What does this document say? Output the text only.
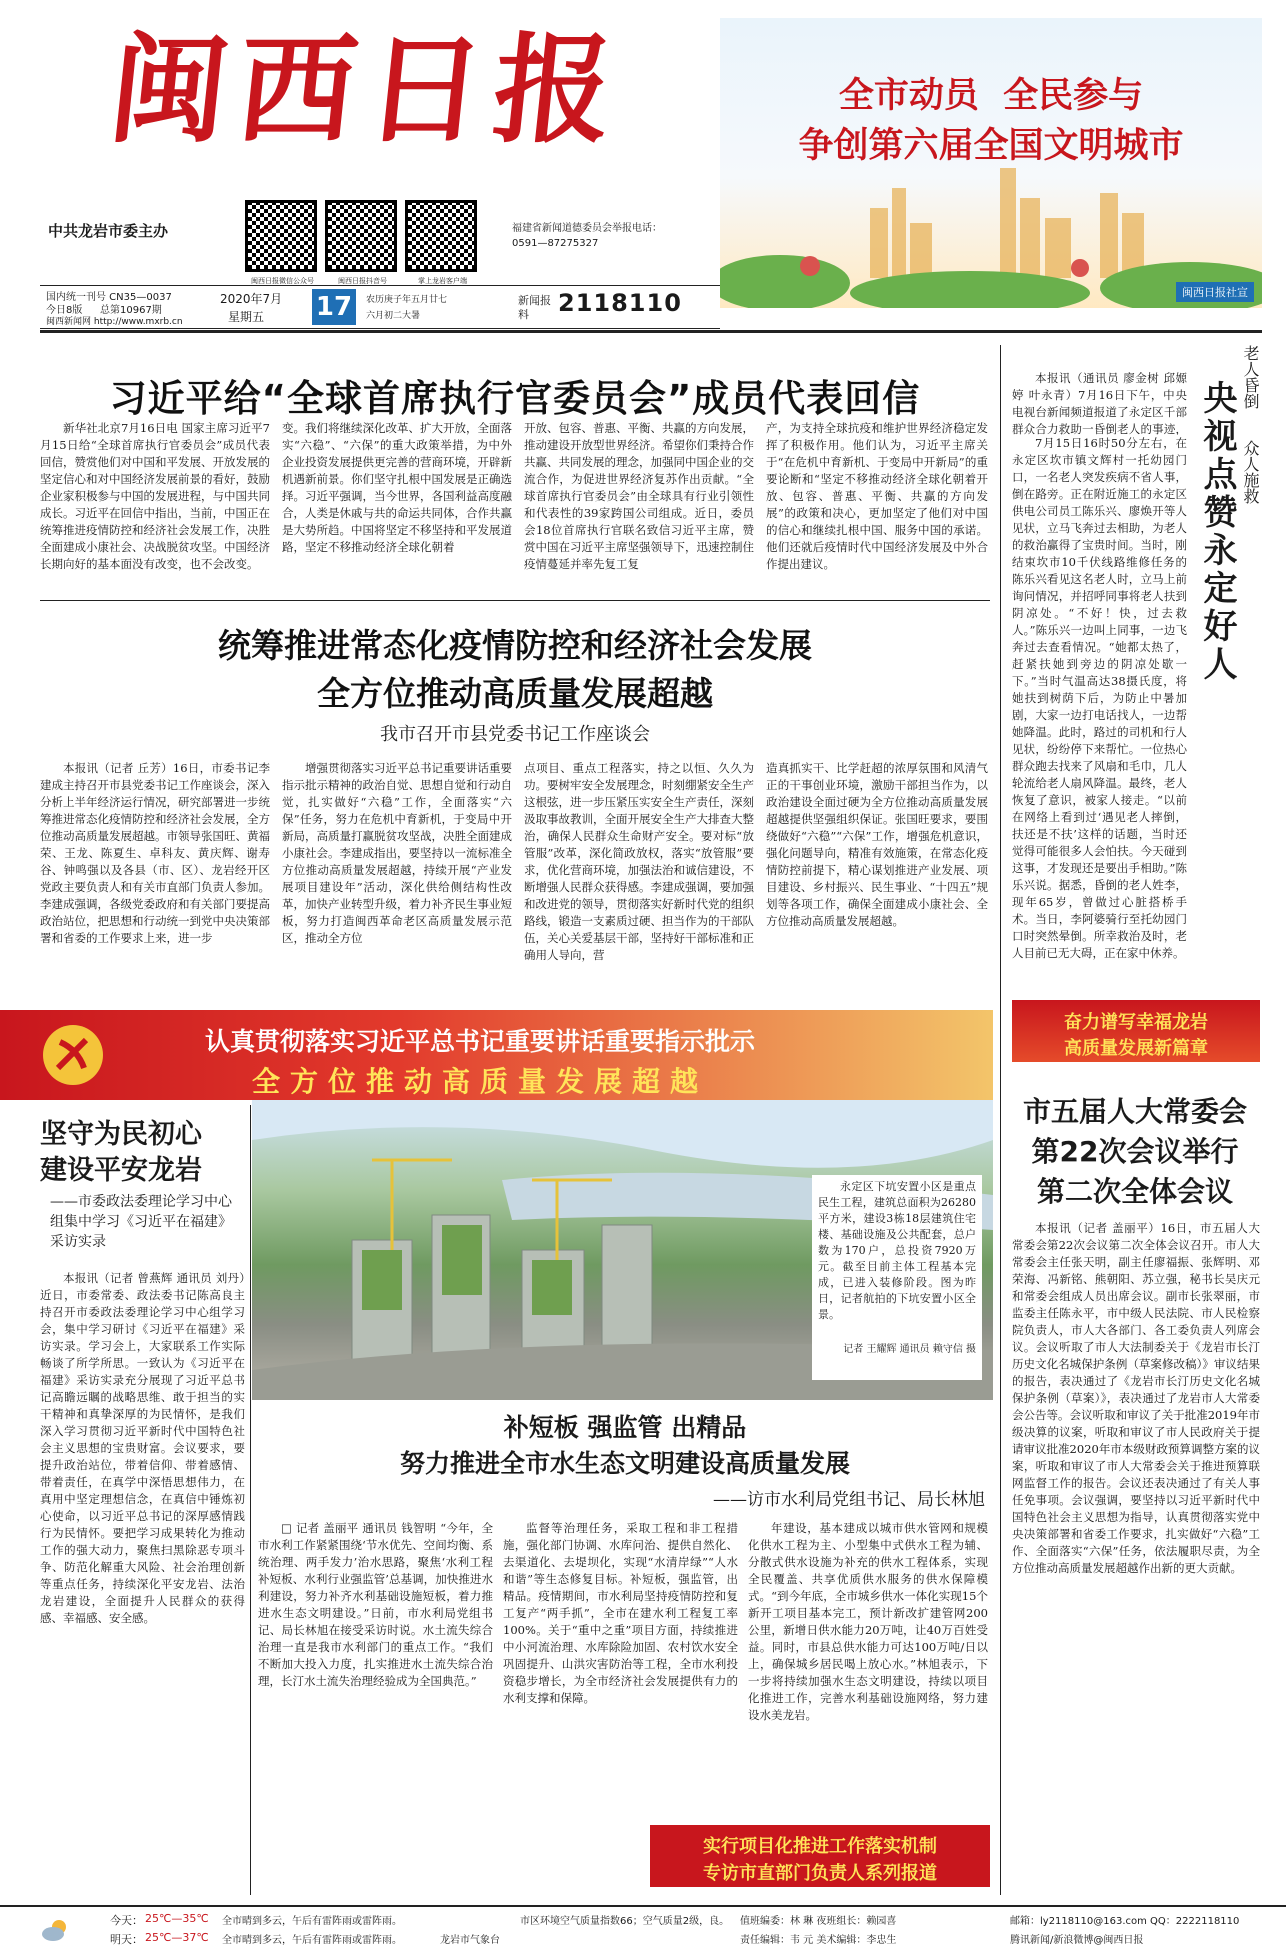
闽西日报
中共龙岩市委主办
闽西日报微信公众号	闽西日报抖音号	掌上龙岩客户端
福建省新闻道德委员会举报电话：
0591—87275327
国内统一刊号 CN35—0037
今日8版 总第10967期
闽西新闻网 http://www.mxrb.cn
2020年7月
星期五 17	农历庚子年五月廿七
六月初二大暑
新闻报料	2118110
全市动员  全民参与
争创第六届全国文明城市
闽西日报社宣
习近平给“全球首席执行官委员会”成员代表回信

新华社北京7月16日电 国家主席习近平7月15日给“全球首席执行官委员会”成员代表回信，赞赏他们对中国和平发展、开放发展的坚定信心和对中国经济发展前景的看好，鼓励企业家积极参与中国的发展进程，与中国共同成长。习近平在回信中指出，当前，中国正在统筹推进疫情防控和经济社会发展工作，决胜全面建成小康社会、决战脱贫攻坚。中国经济长期向好的基本面没有改变，也不会改变。

变。我们将继续深化改革、扩大开放，全面落实“六稳”、“六保”的重大政策举措，为中外企业投资发展提供更完善的营商环境，开辟新机遇新前景。你们坚守扎根中国发展是正确选择。习近平强调，当今世界，各国利益高度融合，人类是休戚与共的命运共同体，合作共赢是大势所趋。中国将坚定不移坚持和平发展道路，坚定不移推动经济全球化朝着

开放、包容、普惠、平衡、共赢的方向发展，推动建设开放型世界经济。希望你们秉持合作共赢、共同发展的理念，加强同中国企业的交流合作，为促进世界经济复苏作出贡献。“全球首席执行官委员会”由全球具有行业引领性和代表性的39家跨国公司组成。近日，委员会18位首席执行官联名致信习近平主席，赞赏中国在习近平主席坚强领导下，迅速控制住疫情蔓延并率先复工复

产，为支持全球抗疫和维护世界经济稳定发挥了积极作用。他们认为，习近平主席关于“在危机中育新机、于变局中开新局”的重要论断和“坚定不移推动经济全球化朝着开放、包容、普惠、平衡、共赢的方向发展”的政策和决心，更加坚定了他们对中国的信心和继续扎根中国、服务中国的承诺。他们还就后疫情时代中国经济发展及中外合作提出建议。

统筹推进常态化疫情防控和经济社会发展
全方位推动高质量发展超越
我市召开市县党委书记工作座谈会

本报讯（记者 丘芳）16日，市委书记李建成主持召开市县党委书记工作座谈会，深入分析上半年经济运行情况，研究部署进一步统筹推进常态化疫情防控和经济社会发展，全方位推动高质量发展超越。市领导张国旺、黄福荣、王龙、陈夏生、卓科友、黄庆辉、谢寿谷、钟鸣强以及各县（市、区）、龙岩经开区党政主要负责人和有关市直部门负责人参加。李建成强调，各级党委政府和有关部门要提高政治站位，把思想和行动统一到党中央决策部署和省委的工作要求上来，进一步

增强贯彻落实习近平总书记重要讲话重要指示批示精神的政治自觉、思想自觉和行动自觉，扎实做好“六稳”工作，全面落实“六保”任务，努力在危机中育新机，于变局中开新局，高质量打赢脱贫攻坚战，决胜全面建成小康社会。李建成指出，要坚持以一流标准全方位推动高质量发展超越，持续开展“产业发展项目建设年”活动，深化供给侧结构性改革，加快产业转型升级，着力补齐民生事业短板，努力打造闽西革命老区高质量发展示范区，推动全方位

点项目、重点工程落实，持之以恒、久久为功。要树牢安全发展理念，时刻绷紧安全生产这根弦，进一步压紧压实安全生产责任，深刻汲取事故教训，全面开展安全生产大排查大整治，确保人民群众生命财产安全。要对标“放管服”改革，深化简政放权，落实“放管服”要求，优化营商环境，加强法治和诚信建设，不断增强人民群众获得感。李建成强调，要加强和改进党的领导，贯彻落实好新时代党的组织路线，锻造一支素质过硬、担当作为的干部队伍，关心关爱基层干部，坚持好干部标准和正确用人导向，营

造真抓实干、比学赶超的浓厚氛围和风清气正的干事创业环境，激励干部担当作为，以政治建设全面过硬为全方位推动高质量发展超越提供坚强组织保证。张国旺要求，要围绕做好“六稳”“六保”工作，增强危机意识，强化问题导向，精准有效施策，在常态化疫情防控前提下，精心谋划推进产业发展、项目建设、乡村振兴、民生事业、“十四五”规划等各项工作，确保全面建成小康社会、全方位推动高质量发展超越。

老人昏倒
众人施救
央视点赞永定好人

本报讯（通讯员 廖金树 邱嫄婷 叶永青）7月16日下午，中央电视台新闻频道报道了永定区千部群众合力救助一昏倒老人的事迹，

7月15日16时50分左右，在永定区坎市镇文辉村一托幼园门口，一名老人突发疾病不省人事，倒在路旁。正在附近施工的永定区供电公司员工陈乐兴、廖焕开等人见状，立马飞奔过去相助，为老人的救治赢得了宝贵时间。当时，刚结束坎市10千伏线路维修任务的陈乐兴看见这名老人时，立马上前询问情况，并招呼同事将老人扶到阴凉处。“不好！快，过去救人。”陈乐兴一边叫上同事，一边飞奔过去查看情况。“她都太热了，赶紧扶她到旁边的阴凉处歇一下。”当时气温高达38摄氏度，将她扶到树荫下后，为防止中暑加剧，大家一边打电话找人，一边帮她降温。此时，路过的司机和行人见状，纷纷停下来帮忙。一位热心群众跑去找来了风扇和毛巾，几人轮流给老人扇风降温。最终，老人恢复了意识，被家人接走。“以前在网络上看到过‘遇见老人摔倒，扶还是不扶’这样的话题，当时还觉得可能很多人会怕扶。今天碰到这事，才发现还是要出手相助。”陈乐兴说。据悉，昏倒的老人姓李，现年65岁，曾做过心脏搭桥手术。当日，李阿婆骑行至托幼园门口时突然晕倒。所幸救治及时，老人目前已无大碍，正在家中休养。

奋力谱写幸福龙岩
高质量发展新篇章
认真贯彻落实习近平总书记重要讲话重要指示批示
全方位推动高质量发展超越
坚守为民初心
建设平安龙岩
——市委政法委理论学习中心组集中学习《习近平在福建》采访实录

本报讯（记者 曾燕辉 通讯员 刘丹）近日，市委常委、政法委书记陈高良主持召开市委政法委理论学习中心组学习会，集中学习研讨《习近平在福建》采访实录。学习会上，大家联系工作实际畅谈了所学所思。一致认为《习近平在福建》采访实录充分展现了习近平总书记高瞻远瞩的战略思维、敢于担当的实干精神和真挚深厚的为民情怀，是我们深入学习贯彻习近平新时代中国特色社会主义思想的宝贵财富。会议要求，要提升政治站位，带着信仰、带着感情、带着责任，在真学中深悟思想伟力，在真用中坚定理想信念，在真信中锤炼初心使命，以习近平总书记的深厚感情践行为民情怀。要把学习成果转化为推动工作的强大动力，聚焦扫黑除恶专项斗争、防范化解重大风险、社会治理创新等重点任务，持续深化平安龙岩、法治龙岩建设，全面提升人民群众的获得感、幸福感、安全感。

永定区下坑安置小区是重点民生工程，建筑总面积为26280平方米，建设3栋18层建筑住宅楼、基础设施及公共配套，总户数为170户，总投资7920万元。截至目前主体工程基本完成，已进入装修阶段。图为昨日，记者航拍的下坑安置小区全景。

记者 王耀辉 通讯员 赖守信 摄
补短板 强监管 出精品
努力推进全市水生态文明建设高质量发展
——访市水利局党组书记、局长林旭

□ 记者 盖丽平 通讯员 钱智明 “今年，全市水利工作紧紧围绕‘节水优先、空间均衡、系统治理、两手发力’治水思路，聚焦‘水利工程补短板、水利行业强监管’总基调，加快推进水利建设，努力补齐水利基础设施短板，着力推进水生态文明建设。”日前，市水利局党组书记、局长林旭在接受采访时说。水土流失综合治理一直是我市水利部门的重点工作。“我们不断加大投入力度，扎实推进水土流失综合治理，长汀水土流失治理经验成为全国典范。”

监督等治理任务，采取工程和非工程措施，强化部门协调、水库问治、提供自然化、去渠道化、去堤坝化，实现“水清岸绿”“人水和谐”等生态修复目标。补短板，强监管，出精品。疫情期间，市水利局坚持疫情防控和复工复产“两手抓”，全市在建水利工程复工率100%。关于“重中之重”项目方面，持续推进中小河流治理、水库除险加固、农村饮水安全巩固提升、山洪灾害防治等工程，全市水利投资稳步增长，为全市经济社会发展提供有力的水利支撑和保障。

年建设，基本建成以城市供水管网和规模化供水工程为主、小型集中式供水工程为辅、分散式供水设施为补充的供水工程体系，实现全民覆盖、共享优质供水服务的供水保障模式。“到今年底，全市城乡供水一体化实现15个新开工项目基本完工，预计新改扩建管网200公里，新增日供水能力20万吨，让40万百姓受益。同时，市县总供水能力可达100万吨/日以上，确保城乡居民喝上放心水。”林旭表示，下一步将持续加强水生态文明建设，持续以项目化推进工作，完善水利基础设施网络，努力建设水美龙岩。

实行项目化推进工作落实机制
专访市直部门负责人系列报道
市五届人大常委会
第22次会议举行
第二次全体会议

本报讯（记者 盖丽平）16日，市五届人大常委会第22次会议第二次全体会议召开。市人大常委会主任张天明，副主任廖福振、张辉明、邓荣海、冯新铭、熊朝阳、苏立强，秘书长吴庆元和常委会组成人员出席会议。副市长张翠丽，市监委主任陈永平，市中级人民法院、市人民检察院负责人，市人大各部门、各工委负责人列席会议。会议听取了市人大法制委关于《龙岩市长汀历史文化名城保护条例（草案修改稿）》审议结果的报告，表决通过了《龙岩市长汀历史文化名城保护条例（草案）》，表决通过了龙岩市人大常委会公告等。会议听取和审议了关于批准2019年市级决算的议案，听取和审议了市人民政府关于提请审议批准2020年市本级财政预算调整方案的议案，听取和审议了市人大常委会关于推进预算联网监督工作的报告。会议还表决通过了有关人事任免事项。会议强调，要坚持以习近平新时代中国特色社会主义思想为指导，认真贯彻落实党中央决策部署和省委工作要求，扎实做好“六稳”工作、全面落实“六保”任务，依法履职尽责，为全方位推动高质量发展超越作出新的更大贡献。

今天： 25℃—35℃ 全市晴到多云，午后有雷阵雨或雷阵雨。
明天： 25℃—37℃ 全市晴到多云，午后有雷阵雨或雷阵雨。	龙岩市气象台
市区环境空气质量指数66；空气质量2级，良。 值班编委：林 琳 夜班组长：赖园喜
责任编辑：韦 元 美术编辑：李忠生
邮箱：ly2118110@163.com QQ：2222118110
腾讯新闻/新浪微博@闽西日报
